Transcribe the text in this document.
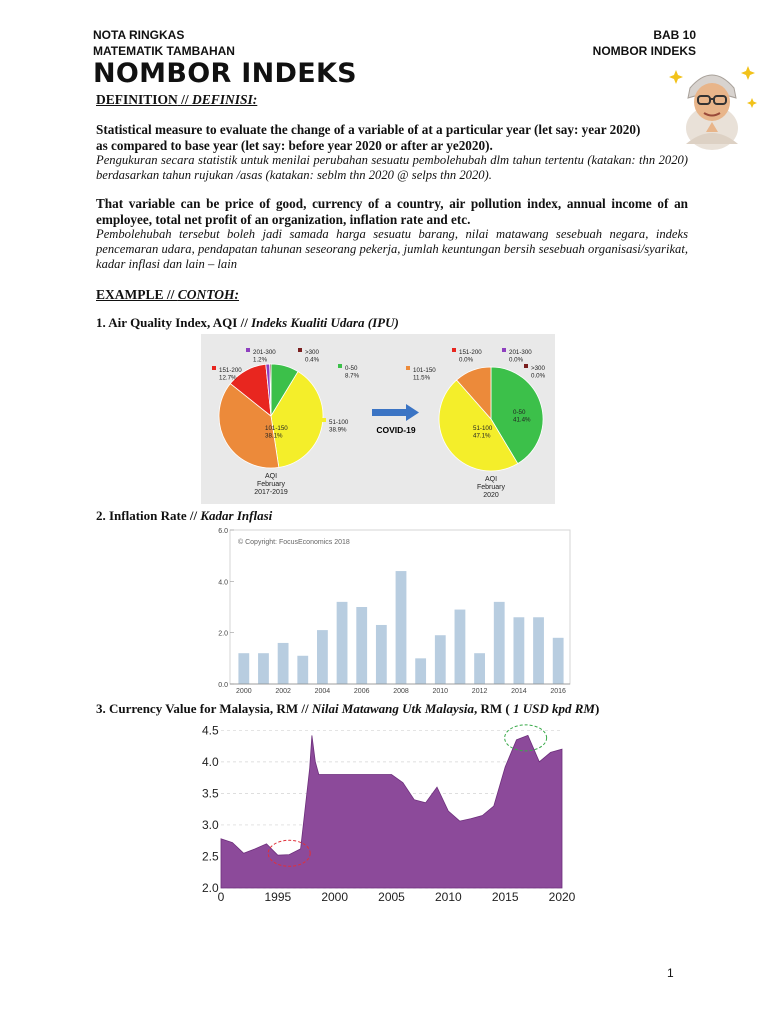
NOTA RINGKAS
MATEMATIK TAMBAHAN
BAB 10
NOMBOR INDEKS
NOMBOR INDEKS
DEFINITION // DEFINISI:
Statistical measure to evaluate the change of a variable of at a particular year (let say: year 2020)
as compared to base year (let say: before year 2020 or after ar ye2020).
Pengukuran secara statistik untuk menilai perubahan sesuatu pembolehubah dlm tahun tertentu (katakan: thn 2020) berdasarkan tahun rujukan /asas (katakan: seblm thn 2020 @ selps thn 2020).
That variable can be price of good, currency of a country, air pollution index, annual income of an employee, total net profit of an organization, inflation rate and etc.
Pembolehubah tersebut boleh jadi samada harga sesuatu barang, nilai matawang sesebuah negara, indeks pencemaran udara, pendapatan tahunan seseorang pekerja, jumlah keuntungan bersih sesebuah organisasi/syarikat, kadar inflasi dan lain – lain
EXAMPLE // CONTOH:
1. Air Quality Index, AQI // Indeks Kualiti Udara (IPU)
0-50
8.7%
51-100
38.9%
101-150
38.1%
151-200
12.7%
201-300
1.2%
>300
0.4%
AQI
February
2017-2019
0-50
41.4%
51-100
47.1%
101-150
11.5%
151-200
0.0%
201-300
0.0%
>300
0.0%
AQI
February
2020
COVID-19
2. Inflation Rate // Kadar Inflasi
© Copyright: FocusEconomics 2018
0.0
2.0
4.0
6.0
2000	2002	2004	2006	2008	2010	2012	2014	2016
3. Currency Value for Malaysia, RM // Nilai Matawang Utk Malaysia, RM ( 1 USD kpd RM)
2.0
2.5
3.0
3.5
4.0
4.5
0	1995	2000	2005	2010	2015	2020
1
